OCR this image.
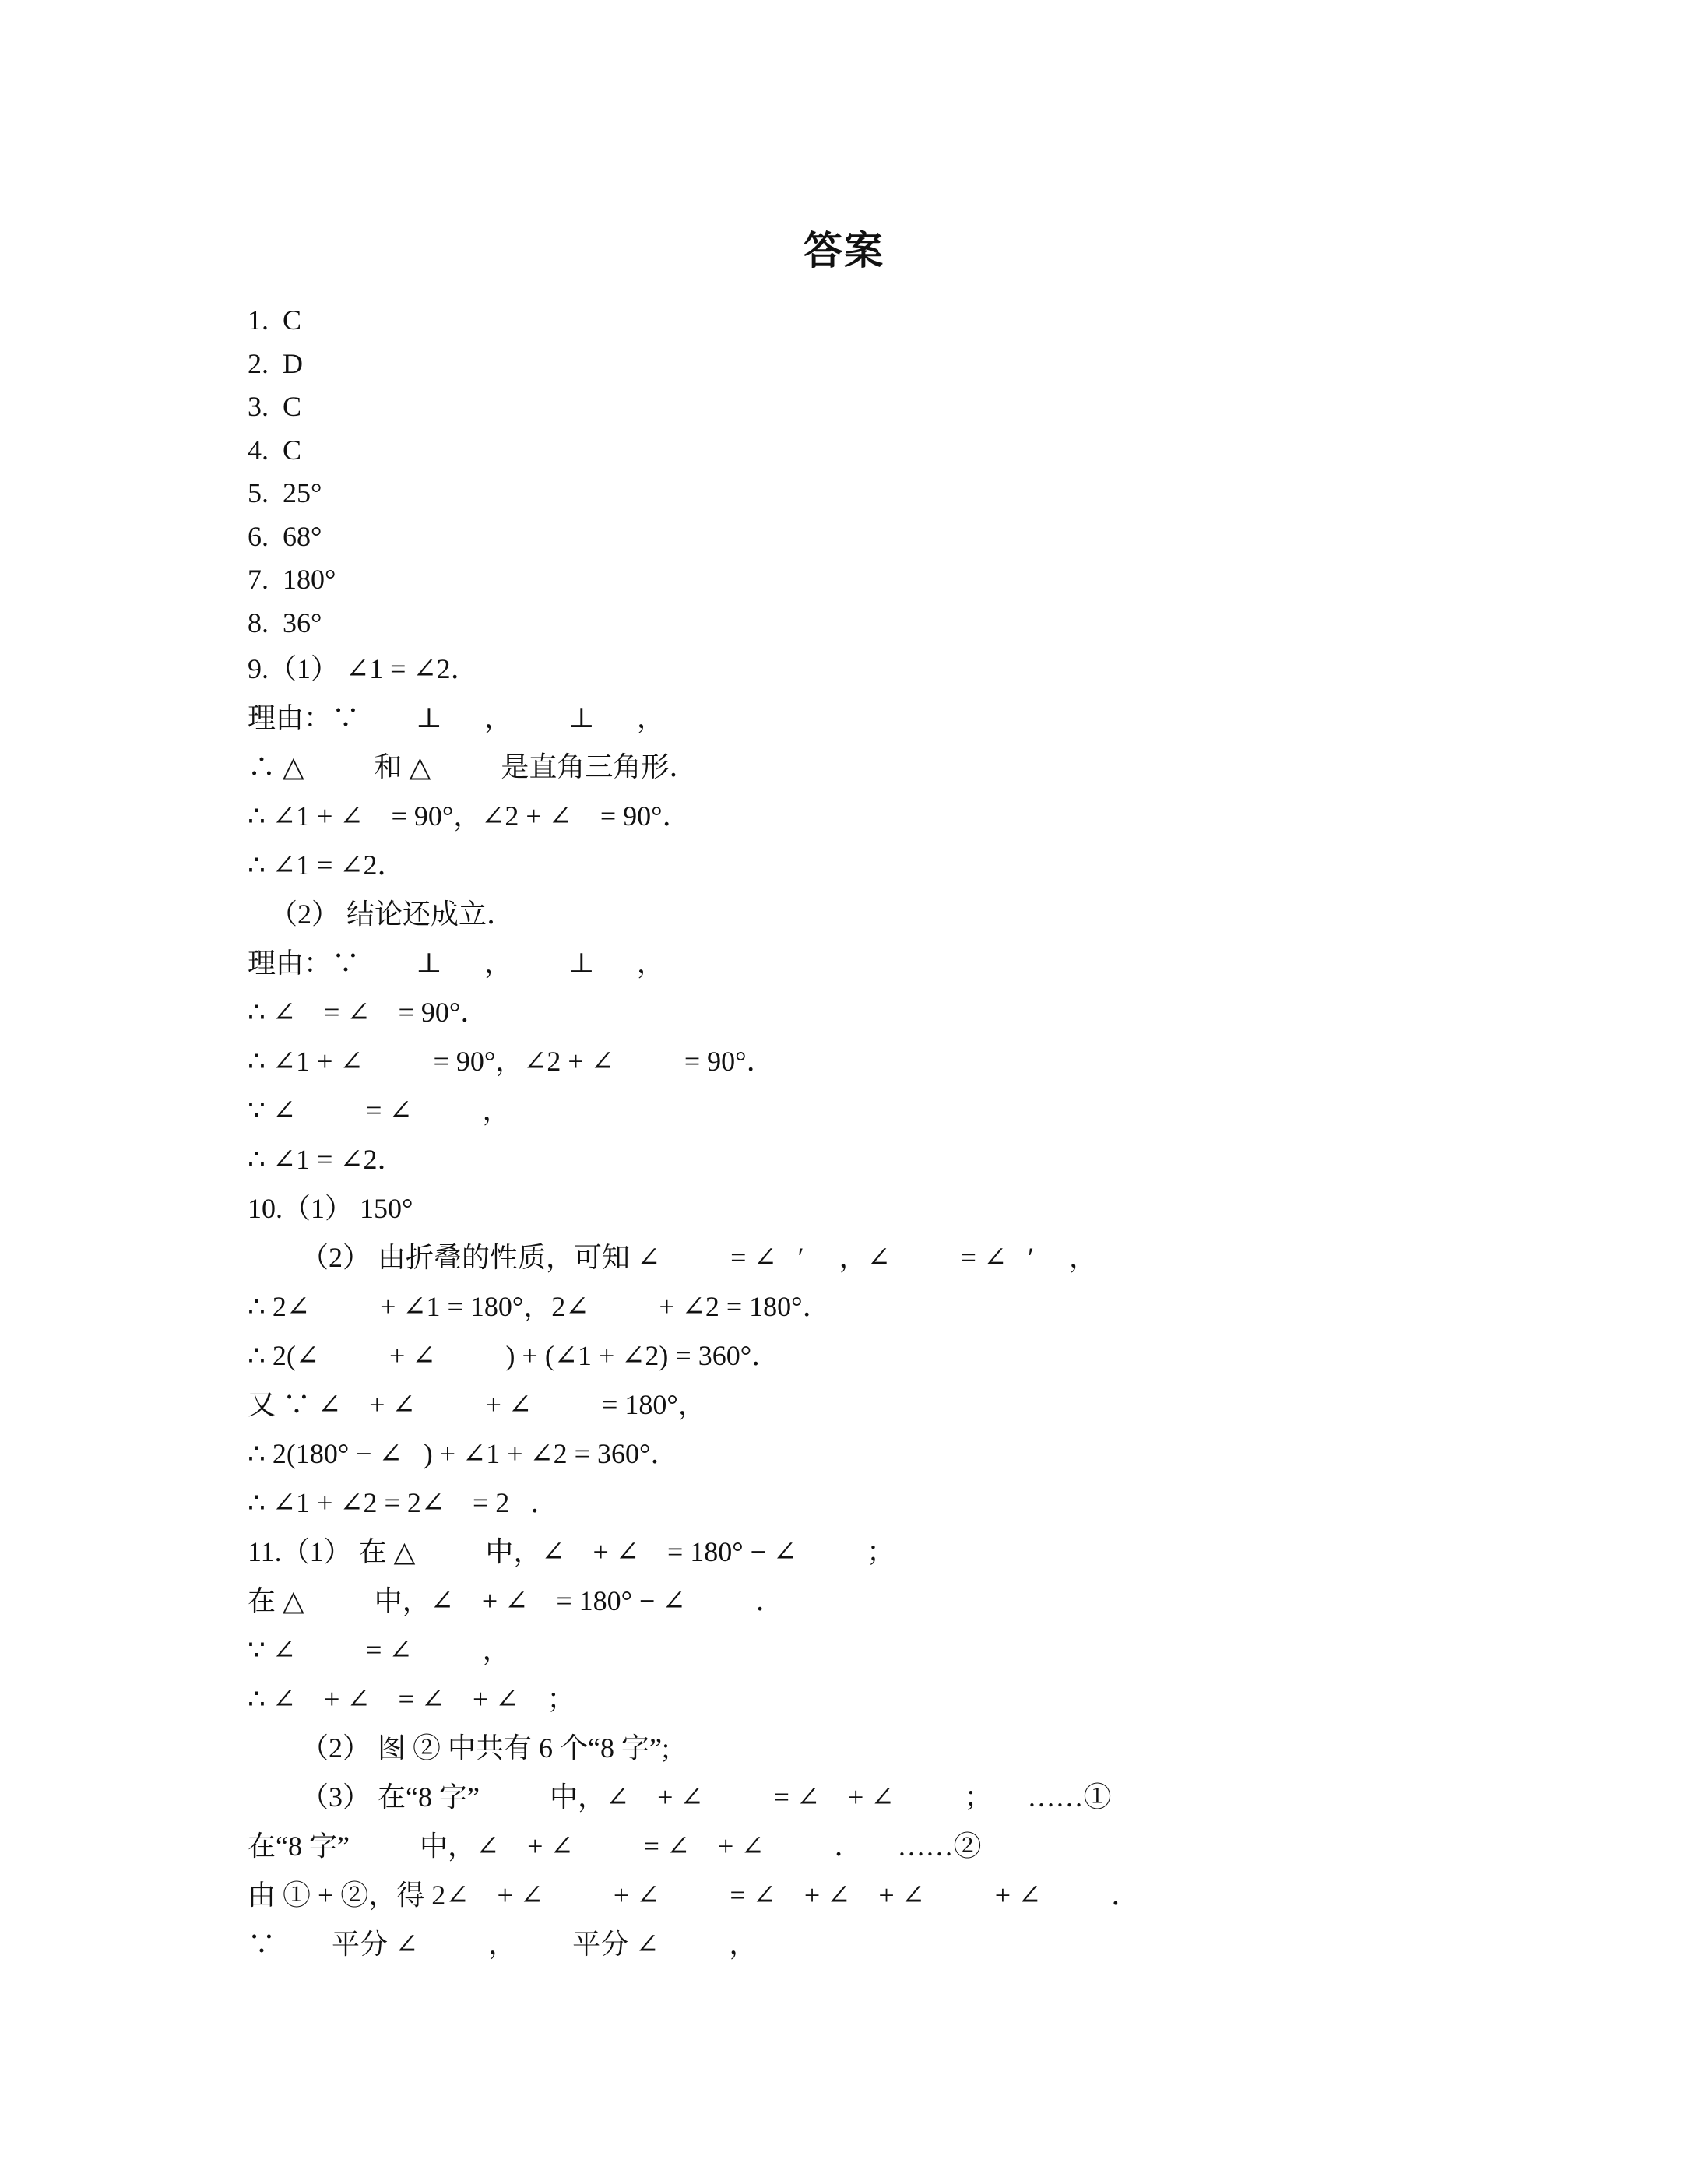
答案
1.  C
2.  D
3.  C
4.  C
5.  25°
6.  68°
7.  180°
8.  36°
9.（1） ∠1 = ∠2．
理由：∵        ⊥      ，        ⊥      ，
∴ △          和 △          是直角三角形．
∴ ∠1 + ∠    = 90°，∠2 + ∠    = 90°．
∴ ∠1 = ∠2．
（2） 结论还成立．
理由：∵        ⊥      ，        ⊥      ，
∴ ∠    = ∠    = 90°．
∴ ∠1 + ∠          = 90°，∠2 + ∠          = 90°．
∵ ∠          = ∠          ，
∴ ∠1 = ∠2．
10.（1） 150°
（2） 由折叠的性质，可知 ∠          = ∠   ′     ，∠          = ∠   ′     ，
∴ 2∠          + ∠1 = 180°，2∠          + ∠2 = 180°．
∴ 2(∠          + ∠          ) + (∠1 + ∠2) = 360°．
又 ∵ ∠    + ∠          + ∠          = 180°，
∴ 2(180° − ∠   ) + ∠1 + ∠2 = 360°．
∴ ∠1 + ∠2 = 2∠    = 2   ．
11.（1） 在 △          中，∠    + ∠    = 180° − ∠          ；
在 △          中，∠    + ∠    = 180° − ∠          ．
∵ ∠          = ∠          ，
∴ ∠    + ∠    = ∠    + ∠    ；
（2） 图 ② 中共有 6 个“8 字”;
（3） 在“8 字”          中，∠    + ∠          = ∠    + ∠          ；     ……①
在“8 字”          中，∠    + ∠          = ∠    + ∠          ．     ……②
由 ① + ②，得 2∠    + ∠          + ∠          = ∠    + ∠    + ∠          + ∠          ．
∵        平分 ∠          ，        平分 ∠          ，
